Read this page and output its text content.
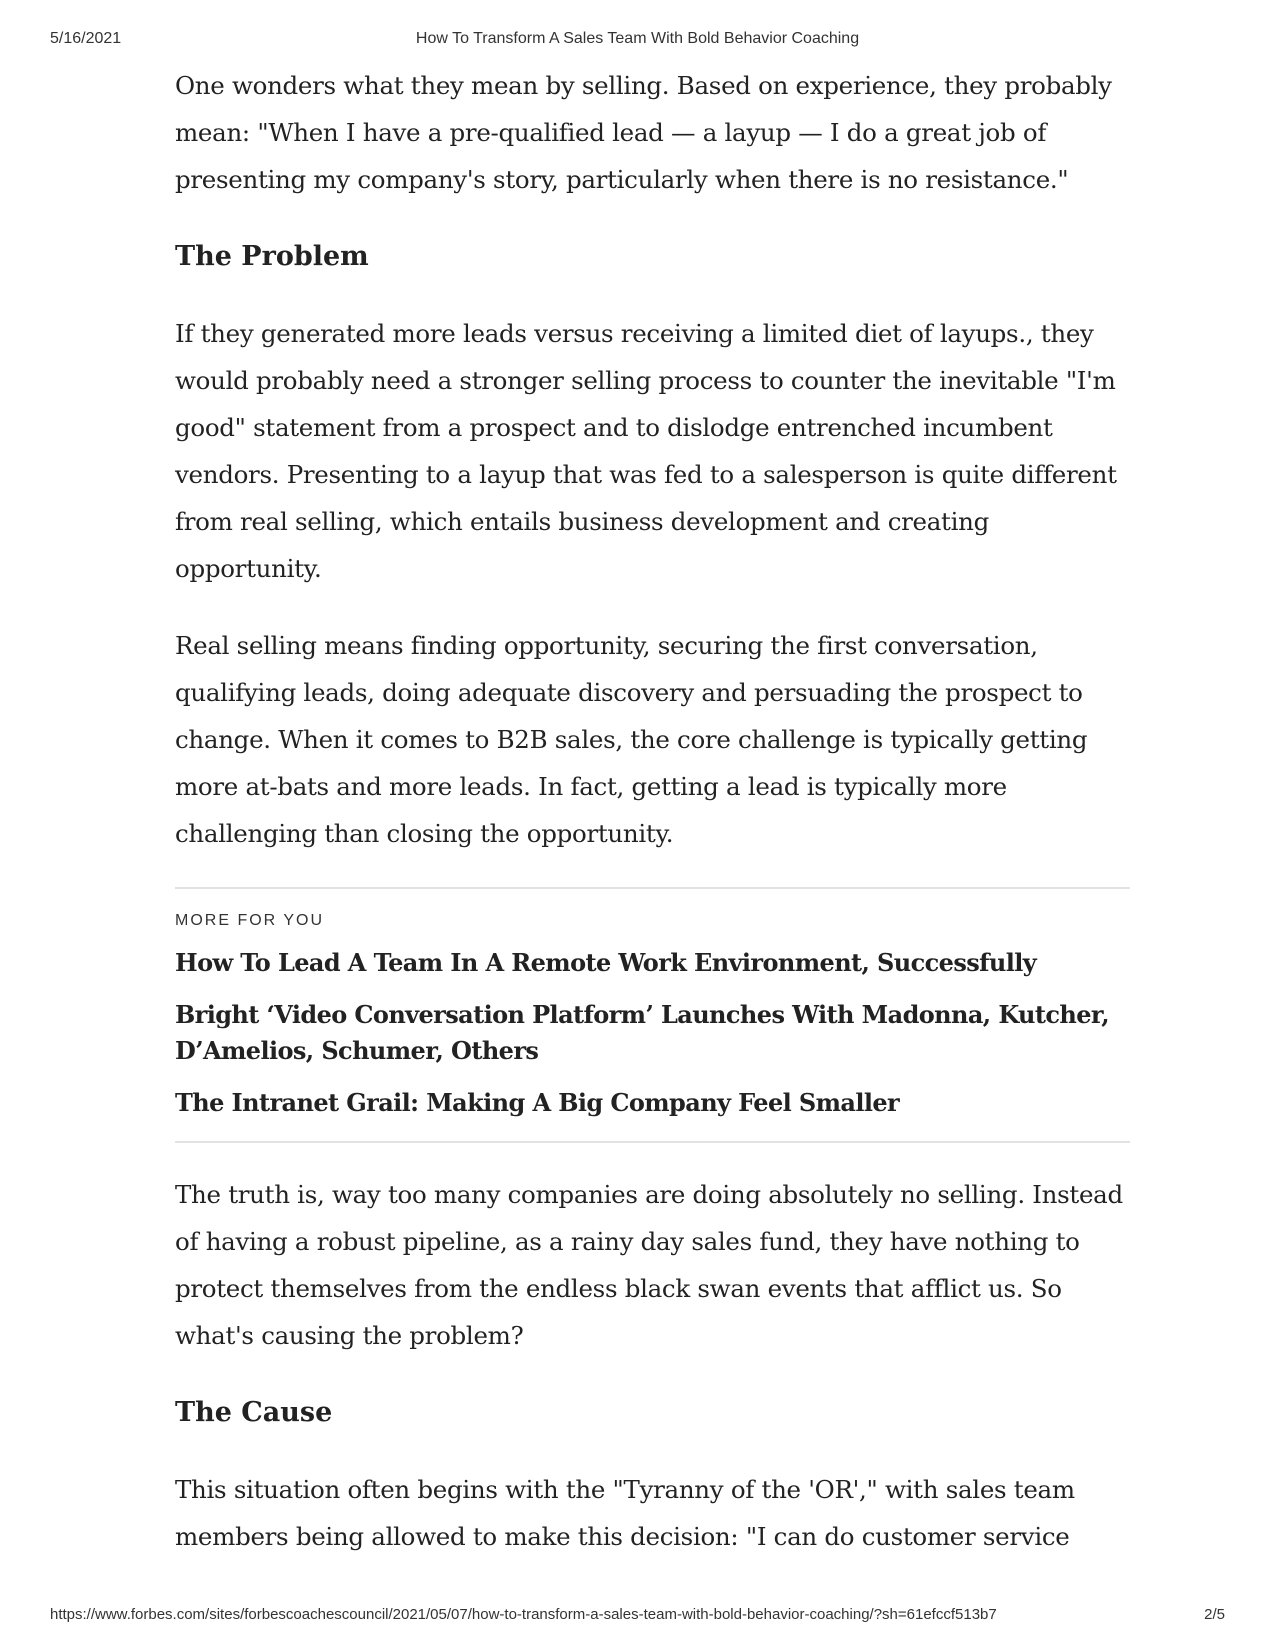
5/16/2021	How To Transform A Sales Team With Bold Behavior Coaching

One wonders what they mean by selling. Based on experience, they probably mean: "When I have a pre-qualified lead — a layup — I do a great job of presenting my company's story, particularly when there is no resistance."

The Problem

If they generated more leads versus receiving a limited diet of layups., they would probably need a stronger selling process to counter the inevitable "I'm good" statement from a prospect and to dislodge entrenched incumbent vendors. Presenting to a layup that was fed to a salesperson is quite different from real selling, which entails business development and creating opportunity.

Real selling means finding opportunity, securing the first conversation, qualifying leads, doing adequate discovery and persuading the prospect to change. When it comes to B2B sales, the core challenge is typically getting more at-bats and more leads. In fact, getting a lead is typically more challenging than closing the opportunity.

MORE FOR YOU
How To Lead A Team In A Remote Work Environment, Successfully
Bright ‘Video Conversation Platform’ Launches With Madonna, Kutcher, D’Amelios, Schumer, Others
The Intranet Grail: Making A Big Company Feel Smaller

The truth is, way too many companies are doing absolutely no selling. Instead of having a robust pipeline, as a rainy day sales fund, they have nothing to protect themselves from the endless black swan events that afflict us. So what's causing the problem?

The Cause

This situation often begins with the "Tyranny of the 'OR'," with sales team members being allowed to make this decision: "I can do customer service

https://www.forbes.com/sites/forbescoachescouncil/2021/05/07/how-to-transform-a-sales-team-with-bold-behavior-coaching/?sh=61efccf513b7	2/5
